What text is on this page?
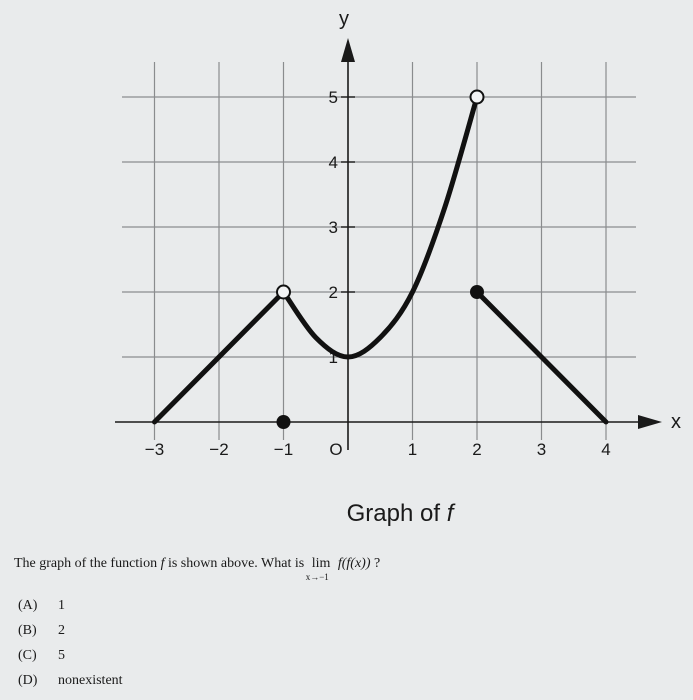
−3	−2	−1 O	1	2	3	4
1
2
3
4
5
y
x
Graph of f
The graph of the function f is shown above. What is lim
x→−1
f(f(x)) ?
(A)	1
(B)	2
(C)	5
(D)	nonexistent
